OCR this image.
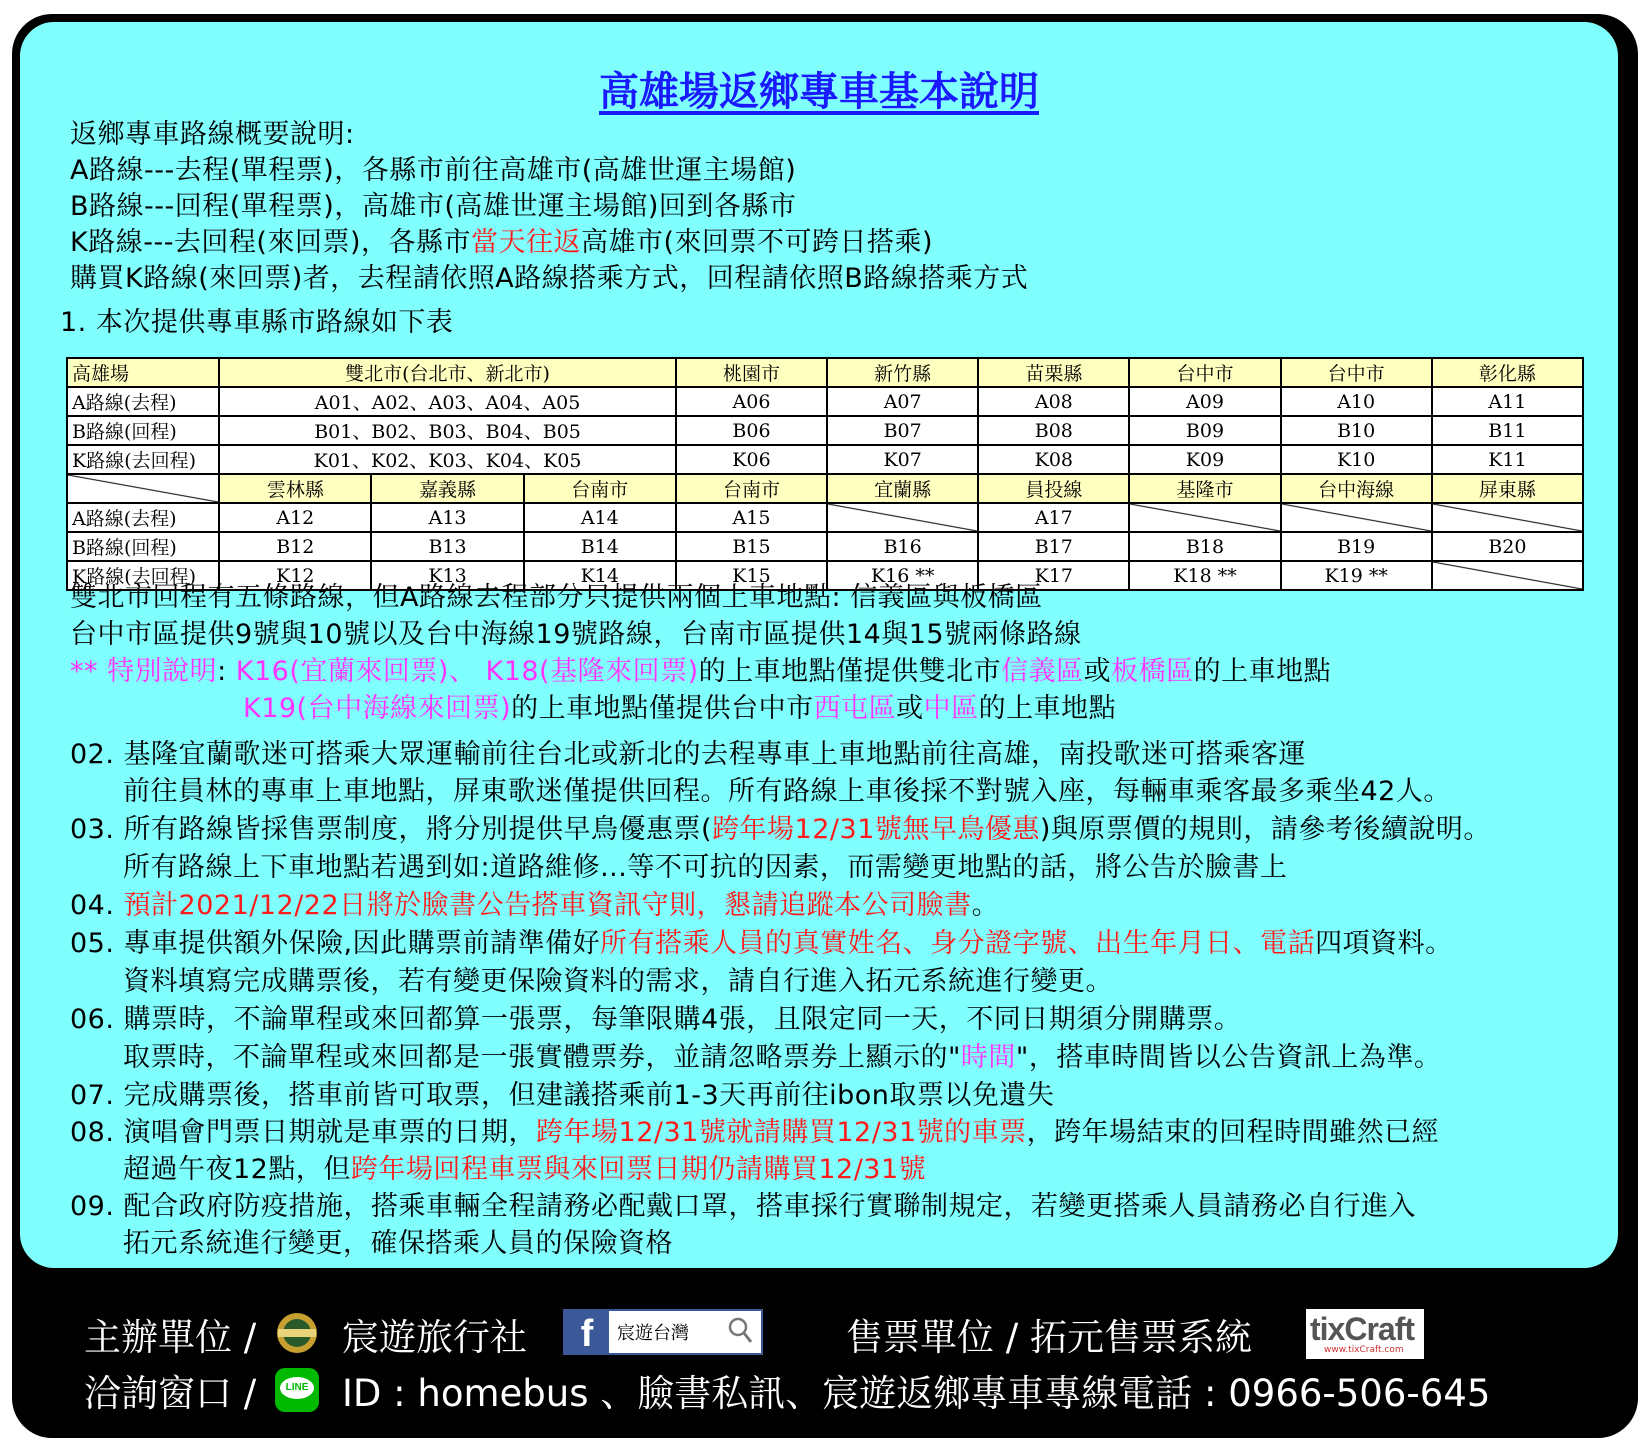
高雄場返鄉專車基本說明
返鄉專車路線概要說明:
A路線---去程(單程票)，各縣市前往高雄市(高雄世運主場館)
B路線---回程(單程票)，高雄市(高雄世運主場館)回到各縣市
K路線---去回程(來回票)，各縣市當天往返高雄市(來回票不可跨日搭乘)
購買K路線(來回票)者，去程請依照A路線搭乘方式，回程請依照B路線搭乘方式
1. 本次提供專車縣市路線如下表
高雄場	雙北市(台北市、新北市)			桃園市	新竹縣	苗栗縣	台中市	台中市	彰化縣
A路線(去程)	A01、A02、A03、A04、A05			A06	A07	A08	A09	A10	A11
B路線(回程)	B01、B02、B03、B04、B05			B06	B07	B08	B09	B10	B11
K路線(去回程)	K01、K02、K03、K04、K05			K06	K07	K08	K09	K10	K11
	雲林縣	嘉義縣	台南市	台南市	宜蘭縣	員投線	基隆市	台中海線	屏東縣
A路線(去程)	A12	A13	A14	A15		A17			
B路線(回程)	B12	B13	B14	B15	B16	B17	B18	B19	B20
K路線(去回程)	K12	K13	K14	K15	K16 **	K17	K18 **	K19 **	
雙北市回程有五條路線，但A路線去程部分只提供兩個上車地點: 信義區與板橋區
台中市區提供9號與10號以及台中海線19號路線，台南市區提供14與15號兩條路線
** 特別說明: K16(宜蘭來回票)、 K18(基隆來回票)的上車地點僅提供雙北市信義區或板橋區的上車地點
K19(台中海線來回票)的上車地點僅提供台中市西屯區或中區的上車地點
02. 基隆宜蘭歌迷可搭乘大眾運輸前往台北或新北的去程專車上車地點前往高雄，南投歌迷可搭乘客運
前往員林的專車上車地點，屏東歌迷僅提供回程。所有路線上車後採不對號入座，每輛車乘客最多乘坐42人。
03. 所有路線皆採售票制度，將分別提供早鳥優惠票(跨年場12/31號無早鳥優惠)與原票價的規則，請參考後續說明。
所有路線上下車地點若遇到如:道路維修...等不可抗的因素，而需變更地點的話，將公告於臉書上
04. 預計2021/12/22日將於臉書公告搭車資訊守則，懇請追蹤本公司臉書。
05. 專車提供額外保險,因此購票前請準備好所有搭乘人員的真實姓名、身分證字號、出生年月日、電話四項資料。
資料填寫完成購票後，若有變更保險資料的需求，請自行進入拓元系統進行變更。
06. 購票時，不論單程或來回都算一張票，每筆限購4張，且限定同一天，不同日期須分開購票。
取票時，不論單程或來回都是一張實體票券，並請忽略票券上顯示的"時間"，搭車時間皆以公告資訊上為準。
07. 完成購票後，搭車前皆可取票，但建議搭乘前1-3天再前往ibon取票以免遺失
08. 演唱會門票日期就是車票的日期，跨年場12/31號就請購買12/31號的車票，跨年場結束的回程時間雖然已經
超過午夜12點，但跨年場回程車票與來回票日期仍請購買12/31號
09. 配合政府防疫措施，搭乘車輛全程請務必配戴口罩，搭車採行實聯制規定，若變更搭乘人員請務必自行進入
拓元系統進行變更，確保搭乘人員的保險資格
主辦單位 / 宸遊旅行社	f	宸遊台灣	售票單位 / 拓元售票系統 tixCraft
www.tixCraft.com
洽詢窗口 /	LINE ID : homebus 、臉書私訊、宸遊返鄉專車專線電話 : 0966-506-645
